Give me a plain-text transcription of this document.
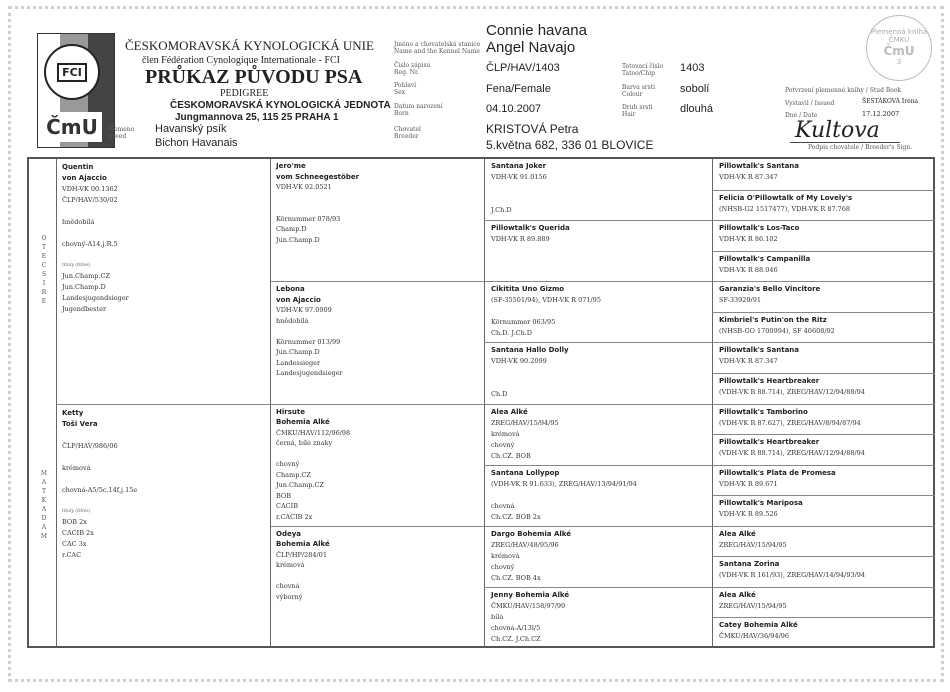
FCI
ČmU
ČESKOMORAVSKÁ KYNOLOGICKÁ UNIE
člen Fédération Cynologique Internationale - FCI
PRŮKAZ PŮVODU PSA
PEDIGREE
ČESKOMORAVSKÁ KYNOLOGICKÁ JEDNOTA
Jungmannova 25, 115 25 PRAHA 1
Plemeno
Breed
Havanský psík
Bichon Havanais
Jméno a chovatelská stanice
Name and the Kennel Name
Číslo zápisu
Reg. Nr.
Pohlaví
Sex
Datum narození
Born
Chovatel
Breeder
Connie havana
Angel Navajo
ČLP/HAV/1403
Fena/Female
04.10.2007
KRISTOVÁ Petra
5.května 682, 336 01 BLOVICE
Tetovací číslo
Tatoo/Chip
Barva srsti
Colour
Druh srsti
Hair
1403
sobolí
dlouhá
Potvrzení plemenné knihy / Stud Book
Vystavil / Issued
Dne / Date
ŠESTÁKOVÁ Irena
17.12.2007
Plemenná kniha ČMKU
ČmU
3
Kultova
Podpis chovatele / Breeder's Sign.
O T E C S I R E
M A T K A D A M
Quentin
von Ajaccio
VDH-VK 00.1362
ČLP/HAV/530/02

hnědobílá

chovný-A14,j.R.5

tituly (titles)
Jun.Champ.CZ
Jun.Champ.D
Landesjugendsieger
Jugendbester
Ketty
Toši Vera

ČLP/HAV/986/06

krémová

chovná-A5/5c.14f,j.15e

tituly (titles)
BOB 2x
CACIB 2x
CAC 3x
r.CAC
Jero'me
vom Schneegestöber
VDH-VK 92.0521

Körnummer 078/93
Champ.D
Jun.Champ.D
Lebona
von Ajaccio
VDH-VK 97.0909
hnědobílá

Körnummer 013/99
Jun.Champ.D
Landessieger
Landesjugendsieger
Hirsute
Bohemia Alké
ČMKU/HAV/112/96/98
černá, bílé znaky

chovný
Champ.CZ
Jun.Champ.CZ
BOB
CACIB
r.CACIB 2x
Odeya
Bohemia Alké
ČLP/HP/284/01
krémová

chovná
výborný
Santana Joker
VDH-VK 91.0156

J.Ch.D
Pillowtalk's Querida
VDH-VK R 89.889
Cikitita Uno Gizmo
(SF-35501/94), VDH-VK R 071/95

Körnummer 063/95
Ch.D. J.Ch.D
Santana Hallo Dolly
VDH-VK 90.2099

Ch.D
Alea Alké
ZREG/HAV/15/94/95
krémová
chovný
Ch.CZ. BOB
Santana Lollypop
(VDH-VK R 91.633), ZREG/HAV/13/94/91/94

chovná
Ch.CZ. BOB 2x
Dargo Bohemia Alké
ZREG/HAV/48/95/96
krémová
chovný
Ch.CZ. BOB 4x
Jenny Bohemia Alké
ČMKU/HAV/158/97/99
bílá
chovná-A/13l/5
Ch.CZ. J.Ch.CZ
Pillowtalk's Santana
VDH-VK R 87.347
Felicia O'Pillowtalk of My Lovely's
(NHSB-G2 1517477), VDH-VK R 87.768
Pillowtalk's Los-Taco
VDH-VK R 86.102
Pillowtalk's Campanilla
VDH-VK R 88.046
Garanzia's Bello Vincitore
SF-33920/91
Kimbriel's Putin'on the Ritz
(NHSB-GO 1700994), SF 40608/92
Pillowtalk's Santana
VDH-VK R 87.347
Pillowtalk's Heartbreaker
(VDH-VK R 88.714), ZREG/HAV/12/94/88/94
Pillowtalk's Tamborino
(VDH-VK R 87.627), ZREG/HAV/8/94/87/94
Pillowtalk's Heartbreaker
(VDH-VK R 88.714), ZREG/HAV/12/94/88/94
Pillowtalk's Plata de Promesa
VDH-VK R 89.671
Pillowtalk's Mariposa
VDH-VK R 89.526
Alea Alké
ZREG/HAV/15/94/95
Santana Zorina
(VDH-VK R 161/93), ZREG/HAV/14/94/93/94
Alea Alké
ZREG/HAV/15/94/95
Catey Bohemia Alké
ČMKU/HAV/36/94/96
